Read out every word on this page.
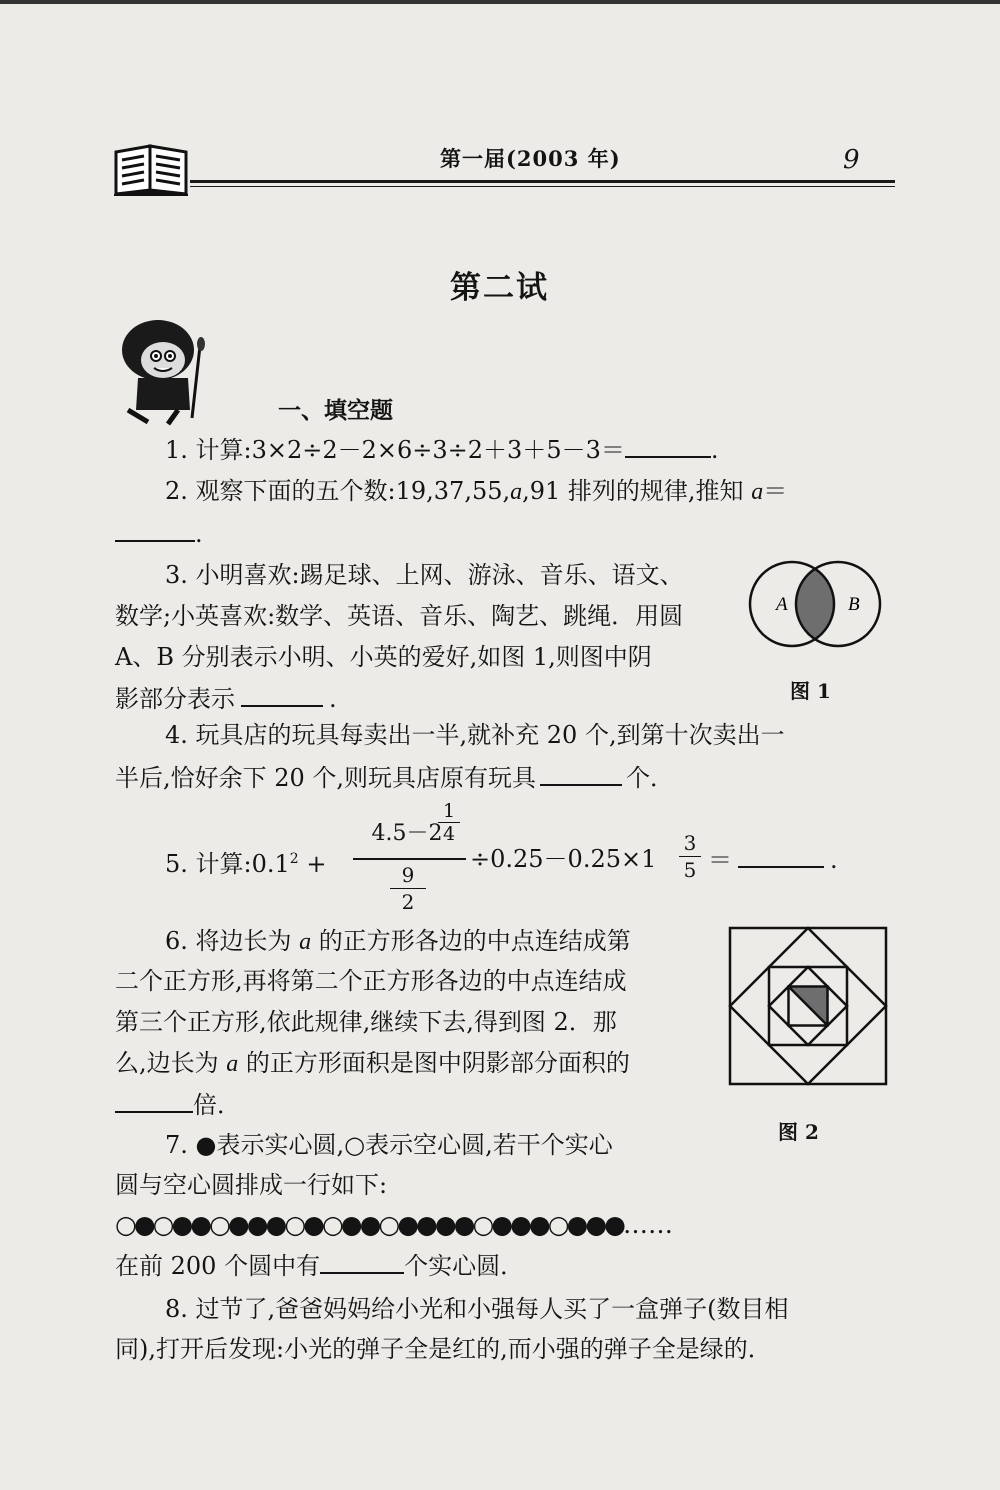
第一届(2003 年)	9
第二试
一、填空题
1. 计算:3×2÷2－2×6÷3÷2＋3＋5－3＝	.
2. 观察下面的五个数:19,37,55,a,91 排列的规律,推知 a＝
.
3. 小明喜欢:踢足球、上网、游泳、音乐、语文、
数学;小英喜欢:数学、英语、音乐、陶艺、跳绳．用圆
A、B 分别表示小明、小英的爱好,如图 1,则图中阴
影部分表示	.
A	B
图 1
4. 玩具店的玩具每卖出一半,就补充 20 个,到第十次卖出一
半后,恰好余下 20 个,则玩具店原有玩具	个．
5. 计算$:0.1^2$ +
4.5－2
$\frac{1}{4}$
$\frac{9}{2}$
$\div 0.25-0.25\times 1 \frac{3}{5}$ ＝	.
6. 将边长为 a 的正方形各边的中点连结成第
二个正方形,再将第二个正方形各边的中点连结成
第三个正方形,依此规律,继续下去,得到图 2．那
么,边长为 a 的正方形面积是图中阴影部分面积的
倍．
图 2
7. ●表示实心圆,○表示空心圆,若干个实心
圆与空心圆排成一行如下:
○●○●●○●●●○●○●●○●●●●○●●●○●●●……
在前 200 个圆中有	个实心圆．
8. 过节了,爸爸妈妈给小光和小强每人买了一盒弹子(数目相
同),打开后发现:小光的弹子全是红的,而小强的弹子全是绿的．
